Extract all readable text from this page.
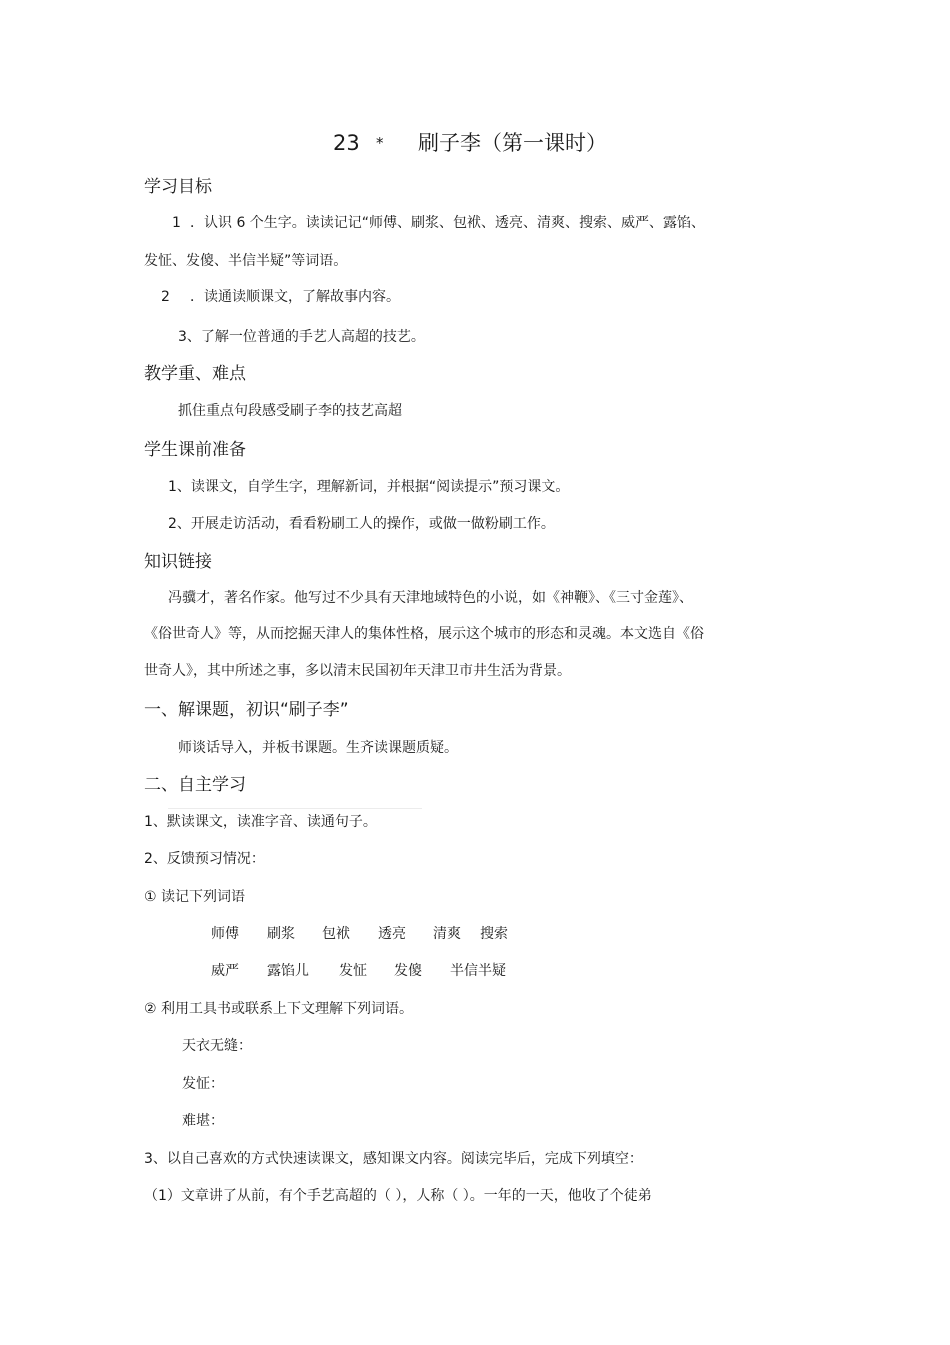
23 * 刷子李（第一课时）
学习目标
1 ．认识 6 个生字。读读记记“师傅、刷浆、包袱、透亮、清爽、搜索、威严、露馅、
发怔、发傻、半信半疑”等词语。
2 ．读通读顺课文，了解故事内容。
3、了解一位普通的手艺人高超的技艺。
教学重、难点
抓住重点句段感受刷子李的技艺高超
学生课前准备
1、读课文，自学生字，理解新词，并根据“阅读提示”预习课文。
2、开展走访活动，看看粉刷工人的操作，或做一做粉刷工作。
知识链接
冯骥才，著名作家。他写过不少具有天津地域特色的小说，如《神鞭》、《三寸金莲》、
《俗世奇人》等，从而挖掘天津人的集体性格，展示这个城市的形态和灵魂。本文选自《俗
世奇人》，其中所述之事，多以清末民国初年天津卫市井生活为背景。
一、解课题，初识“刷子李”
师谈话导入，并板书课题。生齐读课题质疑。
二、自主学习
1、默读课文，读准字音、读通句子。
2、反馈预习情况：
① 读记下列词语
师傅 刷浆 包袱 透亮 清爽 搜索
威严 露馅儿 发怔 发傻 半信半疑
② 利用工具书或联系上下文理解下列词语。
天衣无缝：
发怔：
难堪：
3、以自己喜欢的方式快速读课文，感知课文内容。阅读完毕后，完成下列填空：
（1）文章讲了从前，有个手艺高超的（ ），人称（ ）。一年的一天，他收了个徒弟
